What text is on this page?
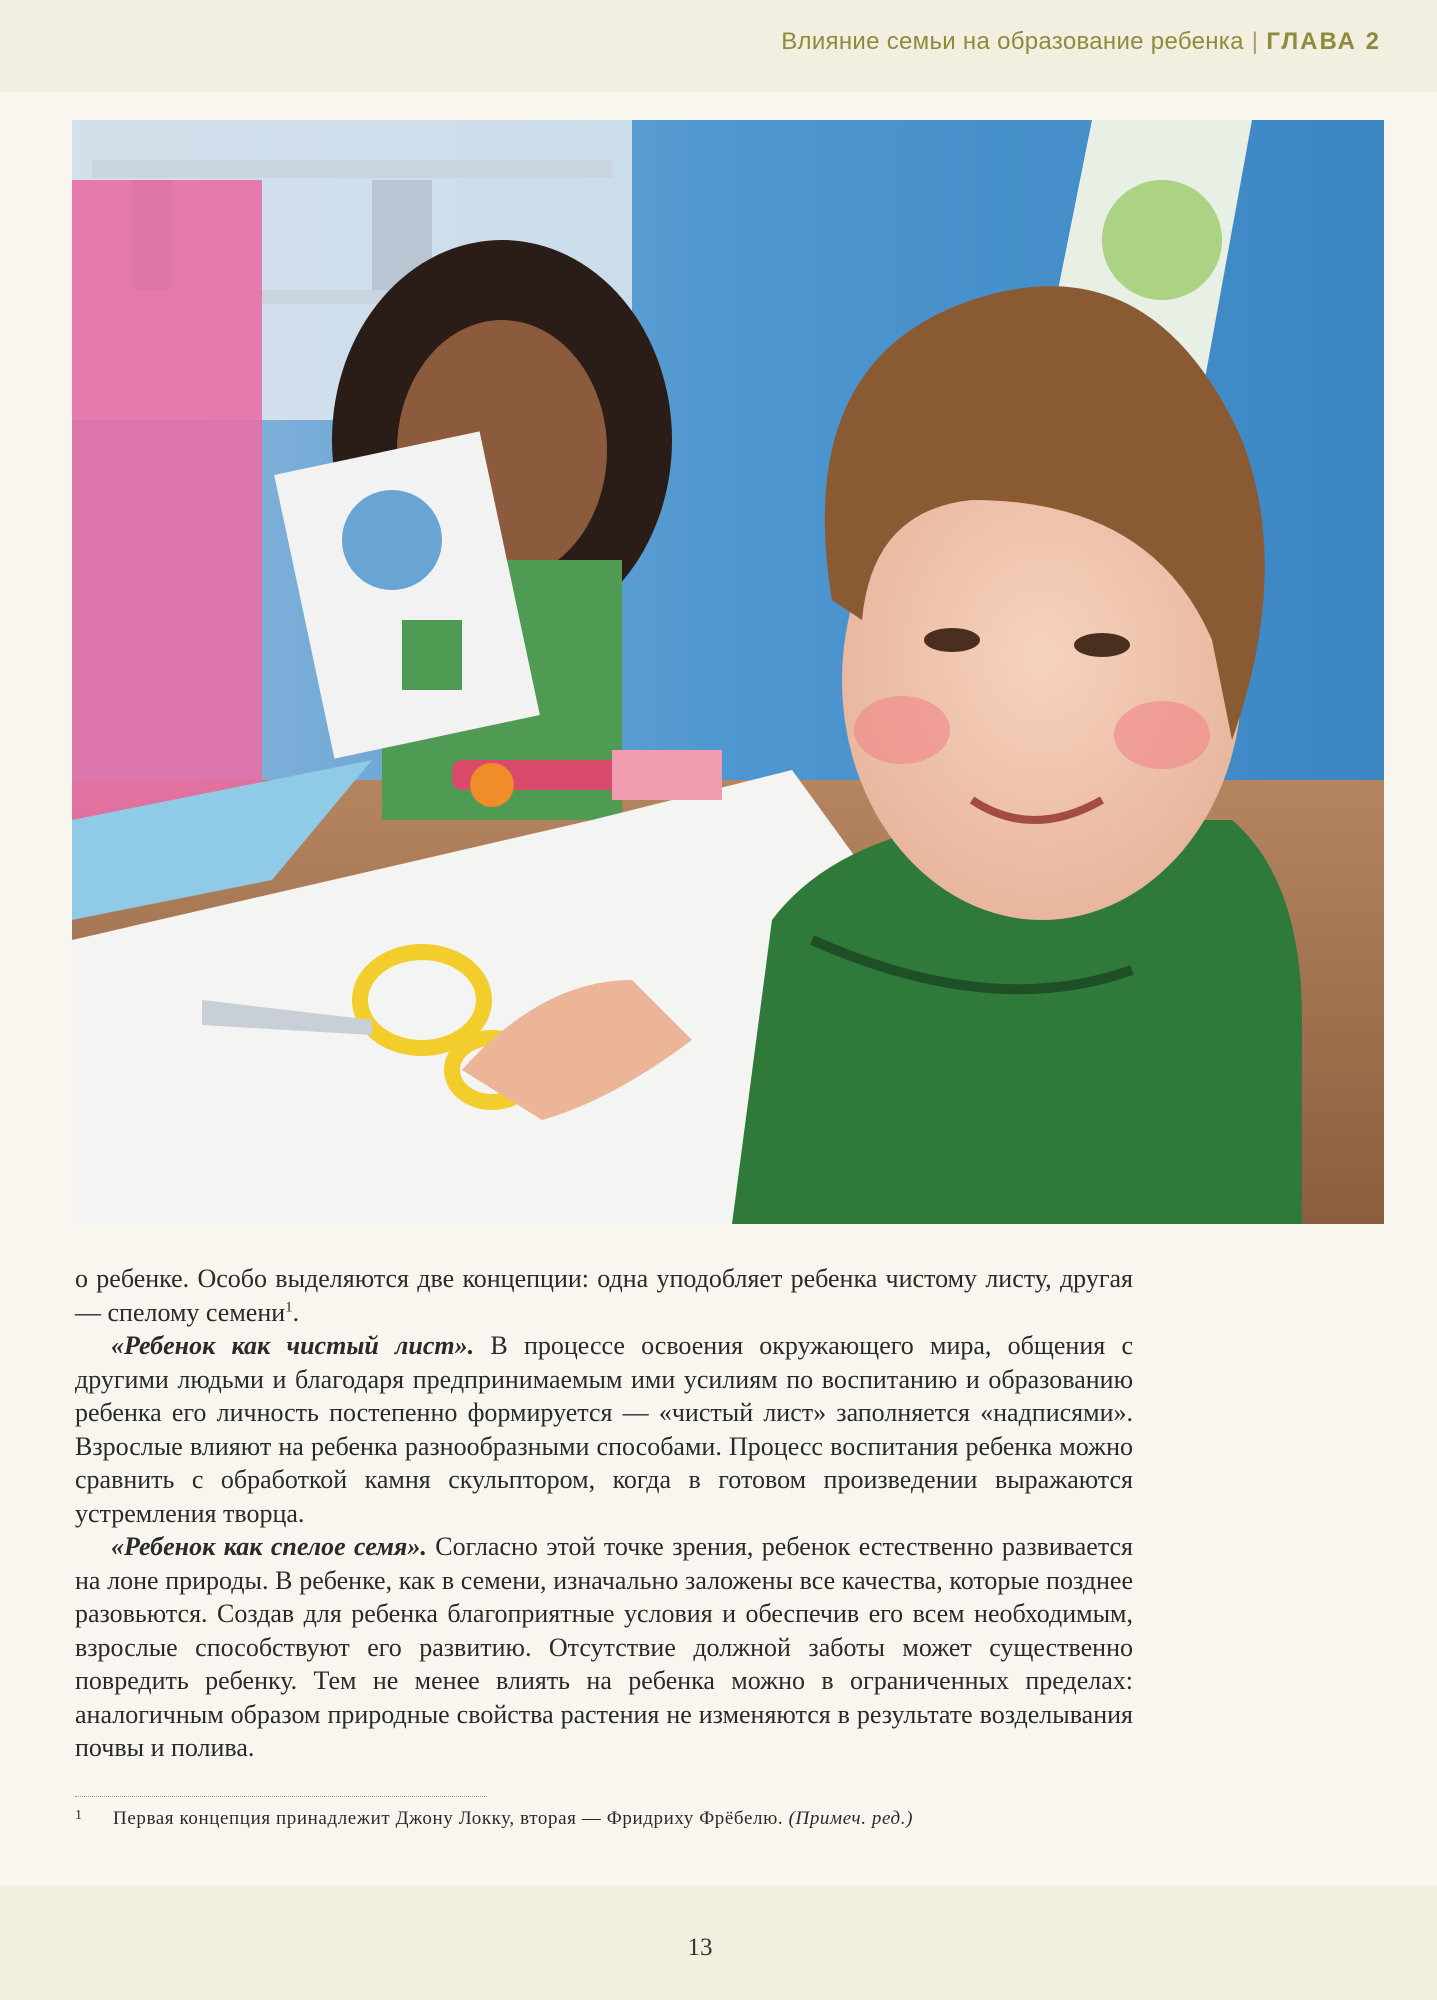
Влияние семьи на образование ребенка | ГЛАВА 2

о ребенке. Особо выделяются две концепции: одна уподобляет ребенка чистому листу, другая — спелому семени$^1$.

«Ребенок как чистый лист». В процессе освоения окружающего мира, общения с другими людьми и благодаря предпринимаемым ими усилиям по воспитанию и образованию ребенка его личность постепенно формируется — «чистый лист» заполняется «надписями». Взрослые влияют на ребенка разнообразными способами. Процесс воспитания ребенка можно сравнить с обработкой камня скульптором, когда в готовом произведении выражаются устремления творца.

«Ребенок как спелое семя». Согласно этой точке зрения, ребенок естественно развивается на лоне природы. В ребенке, как в семени, изначально заложены все качества, которые позднее разовьются. Создав для ребенка благоприятные условия и обеспечив его всем необходимым, взрослые способствуют его развитию. Отсутствие должной заботы может существенно повредить ребенку. Тем не менее влиять на ребенка можно в ограниченных пределах: аналогичным образом природные свойства растения не изменяются в результате возделывания почвы и полива.

1 Первая концепция принадлежит Джону Локку, вторая — Фридриху Фрёбелю. (Примеч. ред.)
13
